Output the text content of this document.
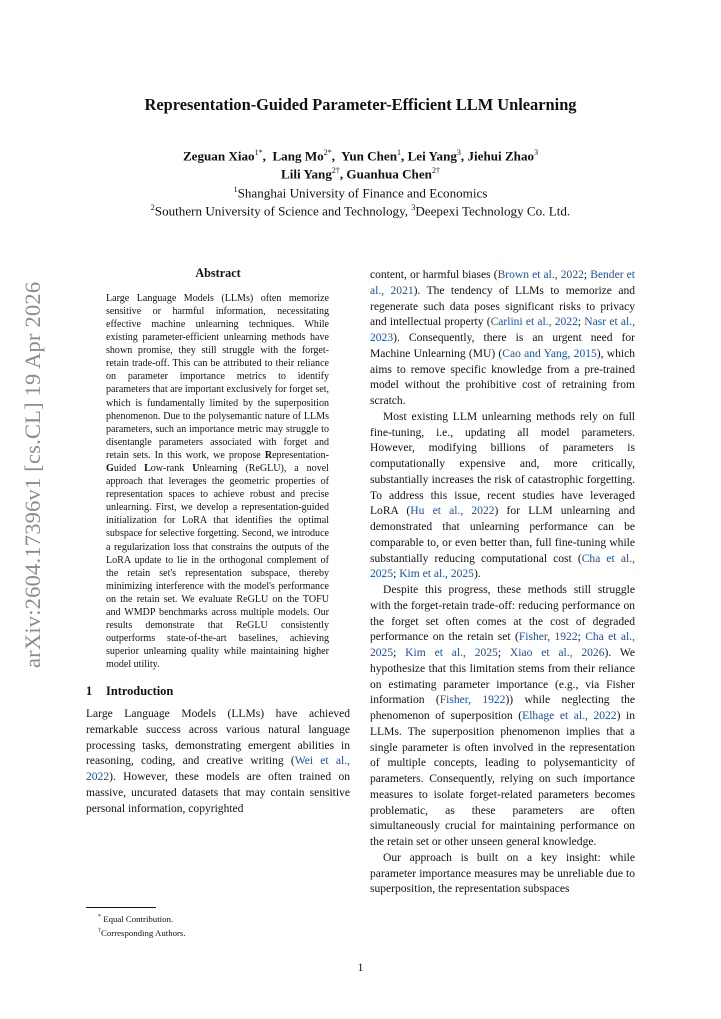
arXiv:2604.17396v1 [cs.CL] 19 Apr 2026
Representation-Guided Parameter-Efficient LLM Unlearning
Zeguan Xiao$^{1*}$,  Lang $Mo^{2*}$,  Yun Chen$^1$, Lei Yang$^3$, Jiehui Zhao$^3$
Lili Yang$^{2\dagger}$, Guanhua Chen$^{2\dagger}$
$^1$Shanghai University of Finance and Economics
$^2$Southern University of Science and Technology, $^3$Deepexi Technology Co. Ltd.
Abstract
Large Language Models (LLMs) often memorize sensitive or harmful information, necessitating effective machine unlearning techniques. While existing parameter-efficient unlearning methods have shown promise, they still struggle with the forget-retain trade-off. This can be attributed to their reliance on parameter importance metrics to identify parameters that are important exclusively for forget set, which is fundamentally limited by the superposition phenomenon. Due to the polysemantic nature of LLMs parameters, such an importance metric may struggle to disentangle parameters associated with forget and retain sets. In this work, we propose Representation-Guided Low-rank Unlearning (ReGLU), a novel approach that leverages the geometric properties of representation spaces to achieve robust and precise unlearning. First, we develop a representation-guided initialization for LoRA that identifies the optimal subspace for selective forgetting. Second, we introduce a regularization loss that constrains the outputs of the LoRA update to lie in the orthogonal complement of the retain set's representation subspace, thereby minimizing interference with the model's performance on the retain set. We evaluate ReGLU on the TOFU and WMDP benchmarks across multiple models. Our results demonstrate that ReGLU consistently outperforms state-of-the-art baselines, achieving superior unlearning quality while maintaining higher model utility.
1 Introduction

Large Language Models (LLMs) have achieved remarkable success across various natural language processing tasks, demonstrating emergent abilities in reasoning, coding, and creative writing (Wei et al., 2022). However, these models are often trained on massive, uncurated datasets that may contain sensitive personal information, copyrighted

content, or harmful biases (Brown et al., 2022; Bender et al., 2021). The tendency of LLMs to memorize and regenerate such data poses significant risks to privacy and intellectual property (Carlini et al., 2022; Nasr et al., 2023). Consequently, there is an urgent need for Machine Unlearning (MU) (Cao and Yang, 2015), which aims to remove specific knowledge from a pre-trained model without the prohibitive cost of retraining from scratch.

Most existing LLM unlearning methods rely on full fine-tuning, i.e., updating all model parameters. However, modifying billions of parameters is computationally expensive and, more critically, substantially increases the risk of catastrophic forgetting. To address this issue, recent studies have leveraged LoRA (Hu et al., 2022) for LLM unlearning and demonstrated that unlearning performance can be comparable to, or even better than, full fine-tuning while substantially reducing computational cost (Cha et al., 2025; Kim et al., 2025).

Despite this progress, these methods still struggle with the forget-retain trade-off: reducing performance on the forget set often comes at the cost of degraded performance on the retain set (Fisher, 1922; Cha et al., 2025; Kim et al., 2025; Xiao et al., 2026). We hypothesize that this limitation stems from their reliance on estimating parameter importance (e.g., via Fisher information (Fisher, 1922)) while neglecting the phenomenon of superposition (Elhage et al., 2022) in LLMs. The superposition phenomenon implies that a single parameter is often involved in the representation of multiple concepts, leading to polysemanticity of parameters. Consequently, relying on such importance measures to isolate forget-related parameters becomes problematic, as these parameters are often simultaneously crucial for maintaining performance on the retain set or other unseen general knowledge.

Our approach is built on a key insight: while parameter importance measures may be unreliable due to superposition, the representation subspaces

* Equal Contribution.
†Corresponding Authors.
1
